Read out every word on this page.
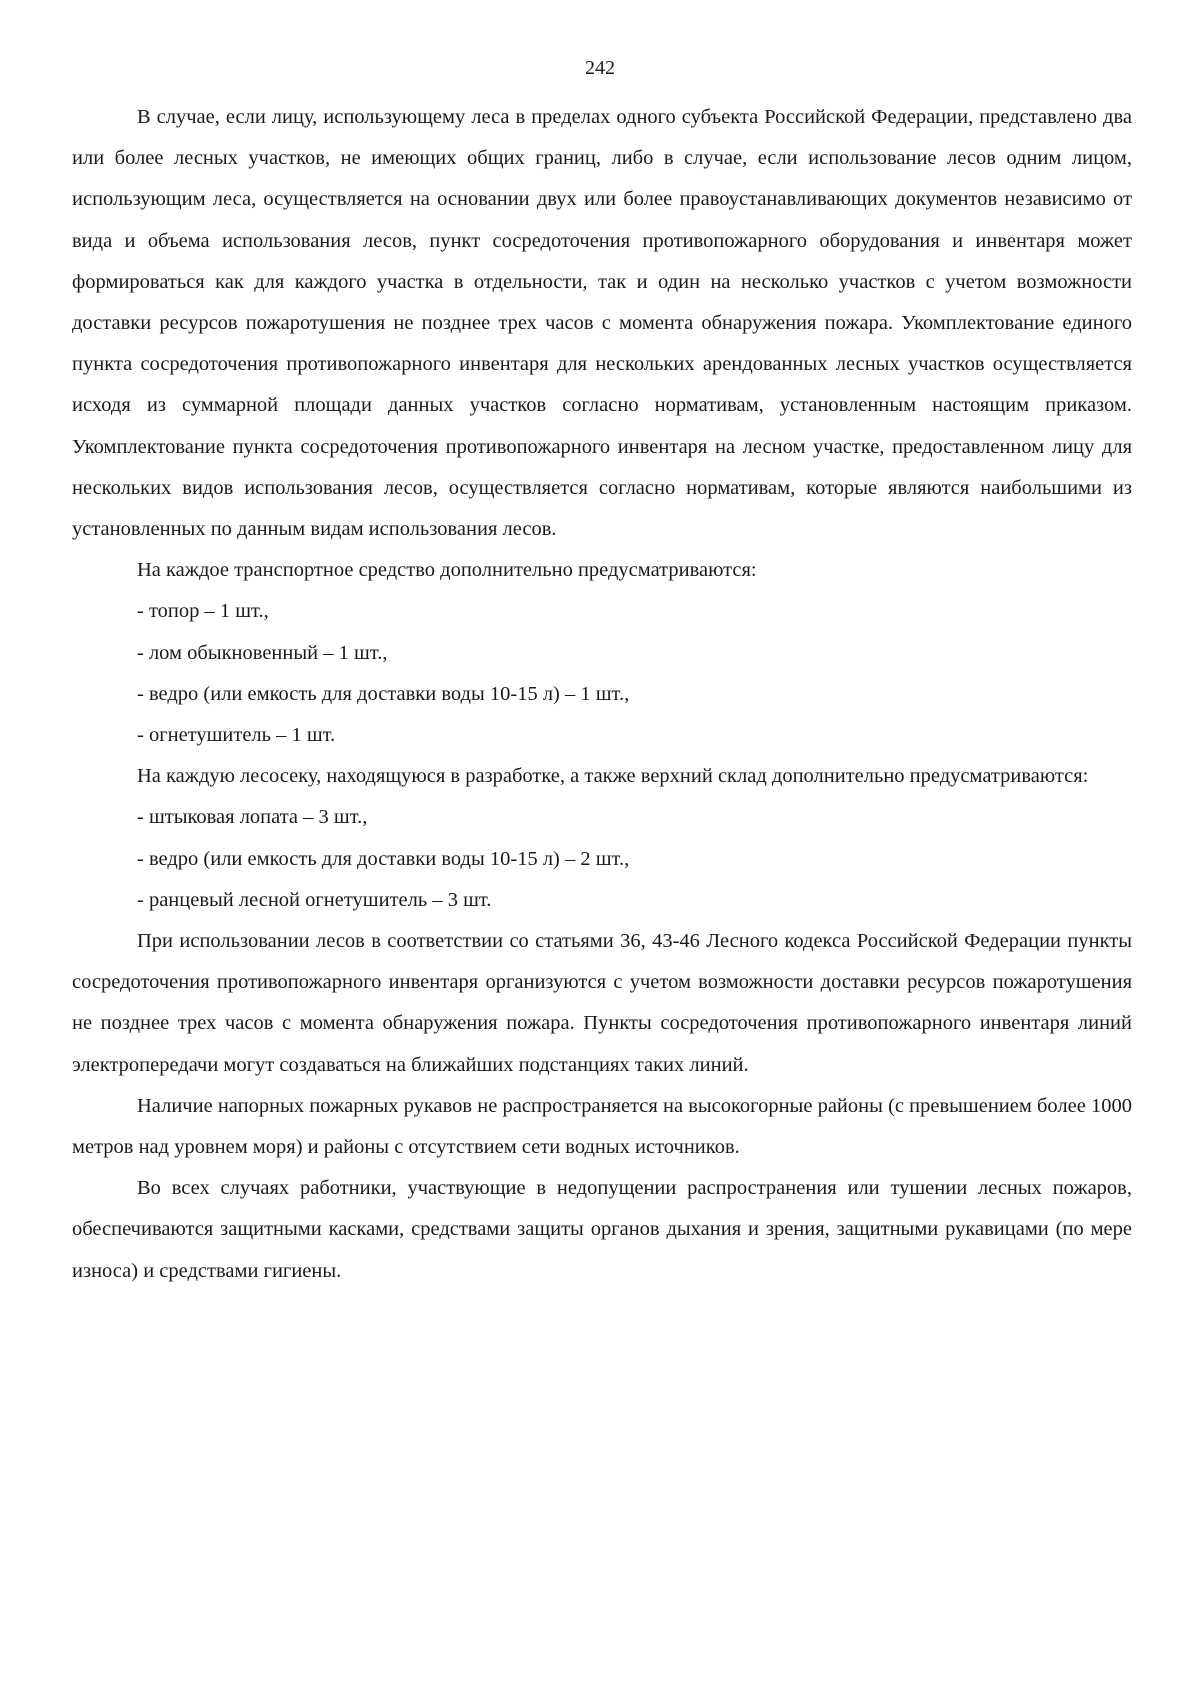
242

В случае, если лицу, использующему леса в пределах одного субъекта Российской Федерации, представлено два или более лесных участков, не имеющих общих границ, либо в случае, если использование лесов одним лицом, использующим леса, осуществляется на основании двух или более правоустанавливающих документов независимо от вида и объема использования лесов, пункт сосредоточения противопожарного оборудования и инвентаря может формироваться как для каждого участка в отдельности, так и один на несколько участков с учетом возможности доставки ресурсов пожаротушения не позднее трех часов с момента обнаружения пожара. Укомплектование единого пункта сосредоточения противопожарного инвентаря для нескольких арендованных лесных участков осуществляется исходя из суммарной площади данных участков согласно нормативам, установленным настоящим приказом. Укомплектование пункта сосредоточения противопожарного инвентаря на лесном участке, предоставленном лицу для нескольких видов использования лесов, осуществляется согласно нормативам, которые являются наибольшими из установленных по данным видам использования лесов.

На каждое транспортное средство дополнительно предусматриваются:

- топор – 1 шт.,

- лом обыкновенный – 1 шт.,

- ведро (или емкость для доставки воды 10-15 л) – 1 шт.,

- огнетушитель – 1 шт.

На каждую лесосеку, находящуюся в разработке, а также верхний склад дополнительно предусматриваются:

- штыковая лопата – 3 шт.,

- ведро (или емкость для доставки воды 10-15 л) – 2 шт.,

- ранцевый лесной огнетушитель – 3 шт.

При использовании лесов в соответствии со статьями 36, 43-46 Лесного кодекса Российской Федерации пункты сосредоточения противопожарного инвентаря организуются с учетом возможности доставки ресурсов пожаротушения не позднее трех часов с момента обнаружения пожара. Пункты сосредоточения противопожарного инвентаря линий электропередачи могут создаваться на ближайших подстанциях таких линий.

Наличие напорных пожарных рукавов не распространяется на высокогорные районы (с превышением более 1000 метров над уровнем моря) и районы с отсутствием сети водных источников.

Во всех случаях работники, участвующие в недопущении распространения или тушении лесных пожаров, обеспечиваются защитными касками, средствами защиты органов дыхания и зрения, защитными рукавицами (по мере износа) и средствами гигиены.
